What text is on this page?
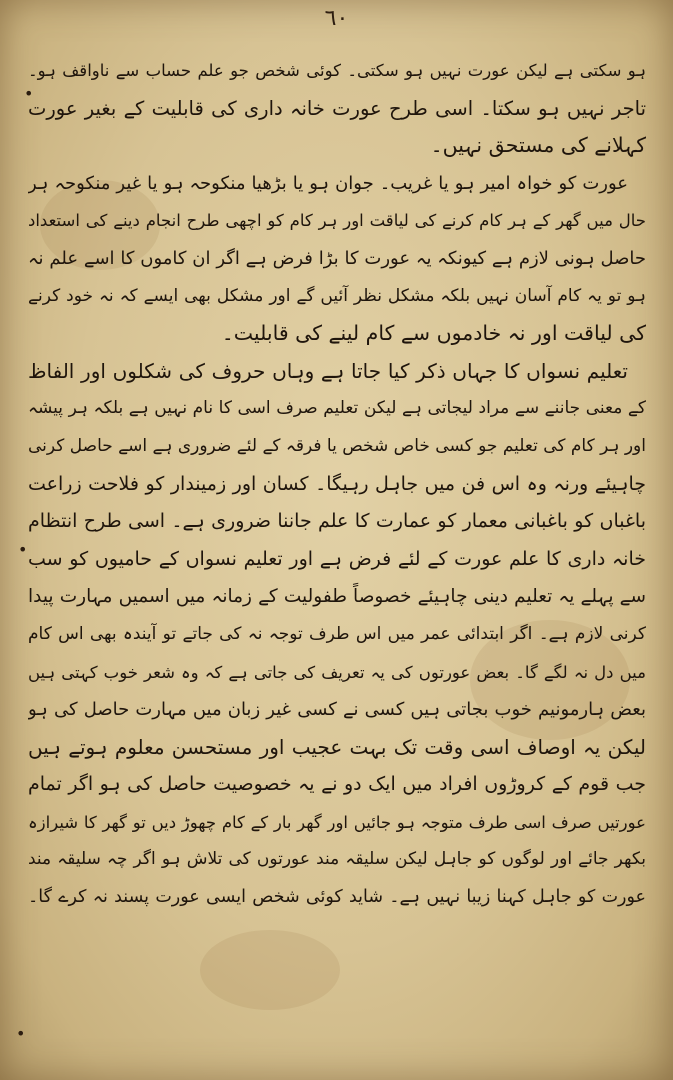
٦٠
ہو سکتی ہے لیکن عورت نہیں ہو سکتی۔ کوئی شخص جو علم حساب سے ناواقف ہو۔
تاجر نہیں ہو سکتا۔ اسی طرح عورت خانہ داری کی قابلیت کے بغیر عورت
کہلانے کی مستحق نہیں۔
عورت کو خواہ امیر ہو یا غریب۔ جوان ہو یا بڑھیا منکوحہ ہو یا غیر منکوحہ ہر
حال میں گھر کے ہر کام کرنے کی لیاقت اور ہر کام کو اچھی طرح انجام دینے کی استعداد
حاصل ہونی لازم ہے کیونکہ یہ عورت کا بڑا فرض ہے اگر ان کاموں کا اسے علم نہ
ہو تو یہ کام آسان نہیں بلکہ مشکل نظر آئیں گے اور مشکل بھی ایسے کہ نہ خود کرنے
کی لیاقت اور نہ خادموں سے کام لینے کی قابلیت۔
تعلیم نسواں کا جہاں ذکر کیا جاتا ہے وہاں حروف کی شکلوں اور الفاظ
کے معنی جاننے سے مراد لیجاتی ہے لیکن تعلیم صرف اسی کا نام نہیں ہے بلکہ ہر پیشہ
اور ہر کام کی تعلیم جو کسی خاص شخص یا فرقہ کے لئے ضروری ہے اسے حاصل کرنی
چاہیئے ورنہ وہ اس فن میں جاہل رہیگا۔ کسان اور زمیندار کو فلاحت زراعت
باغباں کو باغبانی معمار کو عمارت کا علم جاننا ضروری ہے۔ اسی طرح انتظام
خانہ داری کا علم عورت کے لئے فرض ہے اور تعلیم نسواں کے حامیوں کو سب
سے پہلے یہ تعلیم دینی چاہیئے خصوصاً طفولیت کے زمانہ میں اسمیں مہارت پیدا
کرنی لازم ہے۔ اگر ابتدائی عمر میں اس طرف توجہ نہ کی جاتے تو آیندہ بھی اس کام
میں دل نہ لگے گا۔ بعض عورتوں کی یہ تعریف کی جاتی ہے کہ وہ شعر خوب کہتی ہیں
بعض ہارمونیم خوب بجاتی ہیں کسی نے کسی غیر زبان میں مہارت حاصل کی ہو
لیکن یہ اوصاف اسی وقت تک بہت عجیب اور مستحسن معلوم ہوتے ہیں
جب قوم کے کروڑوں افراد میں ایک دو نے یہ خصوصیت حاصل کی ہو اگر تمام
عورتیں صرف اسی طرف متوجہ ہو جائیں اور گھر بار کے کام چھوڑ دیں تو گھر کا شیرازہ
بکھر جائے اور لوگوں کو جاہل لیکن سلیقہ مند عورتوں کی تلاش ہو اگر چہ سلیقہ مند
عورت کو جاہل کہنا زیبا نہیں ہے۔ شاید کوئی شخص ایسی عورت پسند نہ کرے گا۔
•
•
•
